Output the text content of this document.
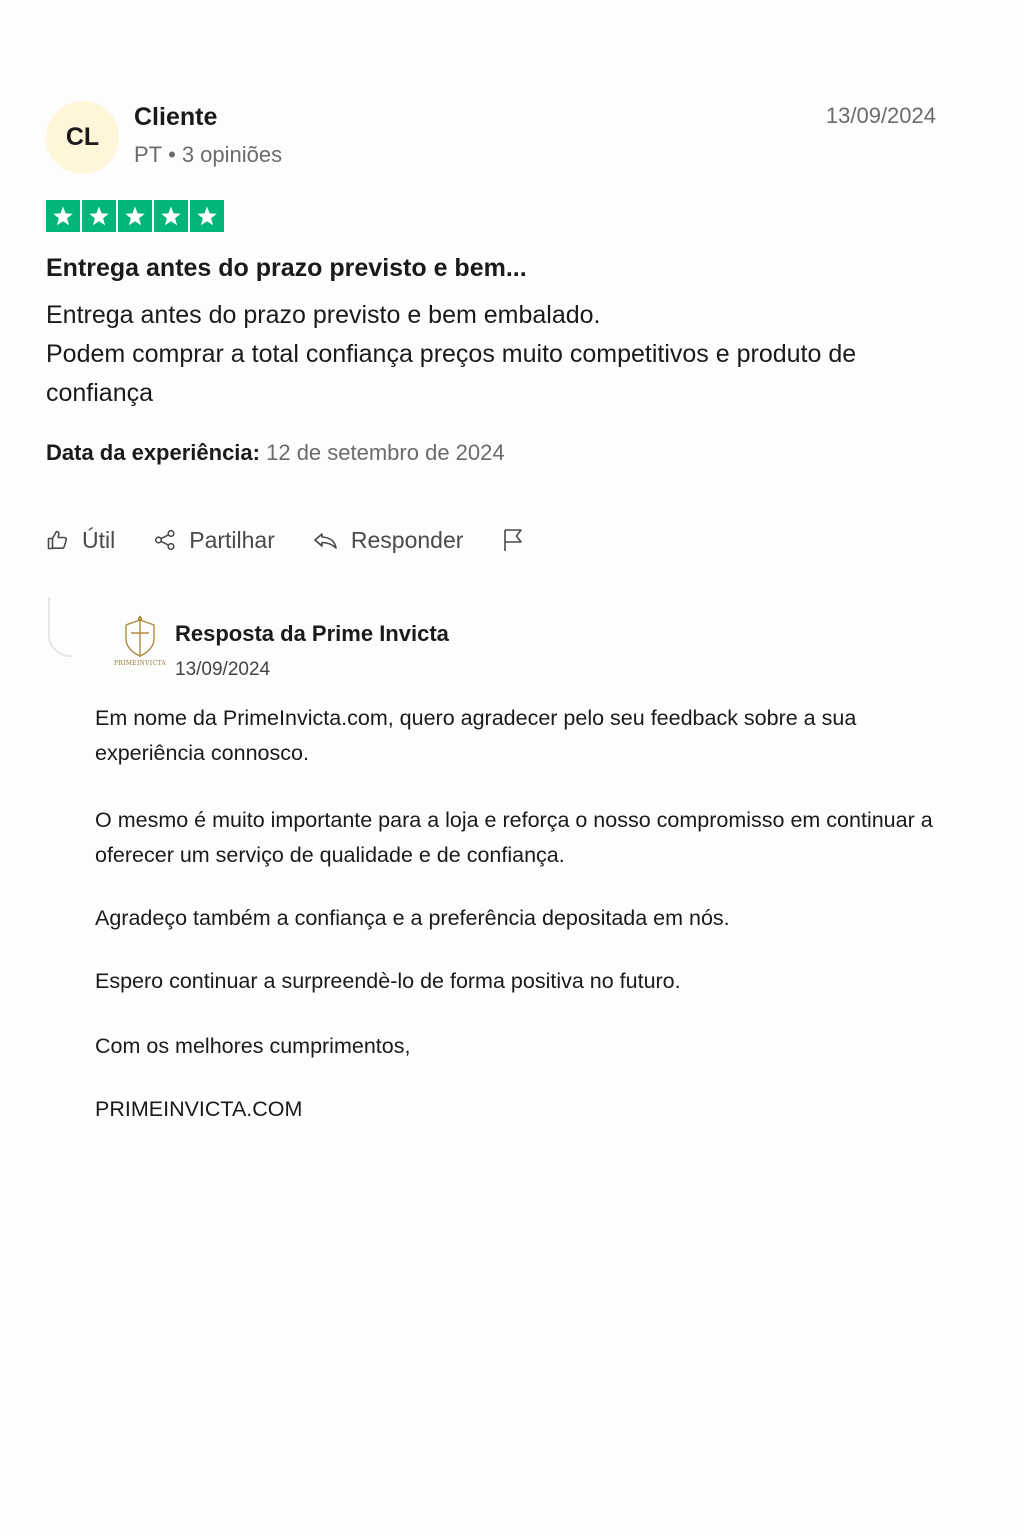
CL
Cliente
PT • 3 opiniões
13/09/2024
Entrega antes do prazo previsto e bem...

Entrega antes do prazo previsto e bem embalado.

Podem comprar a total confiança preços muito competitivos e produto de confiança

Data da experiência: 12 de setembro de 2024
Útil	Partilhar	Responder
PRIMEINVICTA
Resposta da Prime Invicta
13/09/2024

Em nome da PrimeInvicta.com, quero agradecer pelo seu feedback sobre a sua experiência connosco.

O mesmo é muito importante para a loja e reforça o nosso compromisso em continuar a oferecer um serviço de qualidade e de confiança.

Agradeço também a confiança e a preferência depositada em nós.

Espero continuar a surpreendè-lo de forma positiva no futuro.

Com os melhores cumprimentos,

PRIMEINVICTA.COM
